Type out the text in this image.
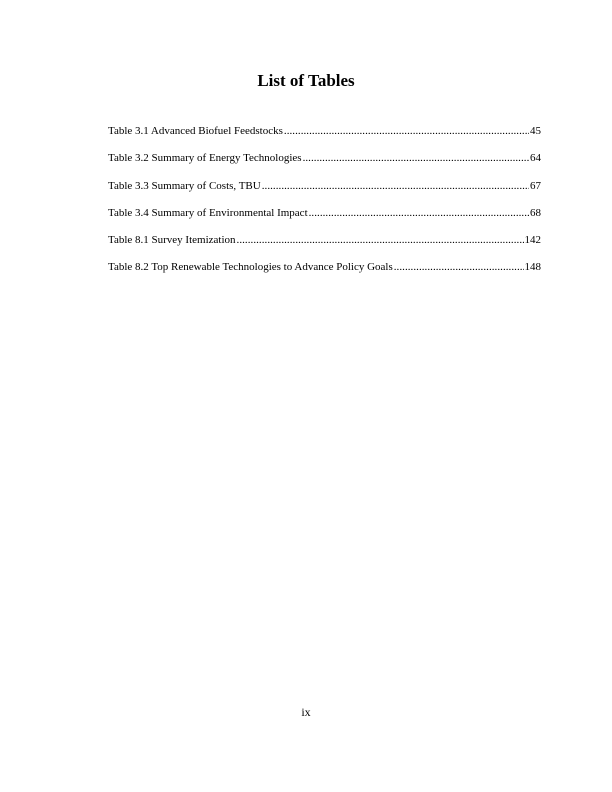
List of Tables
Table 3.1 Advanced Biofuel Feedstocks . . .	45
Table 3.2 Summary of Energy Technologies . . .	64
Table 3.3 Summary of Costs, TBU . . .	67
Table 3.4 Summary of Environmental Impact . . .	68
Table 8.1 Survey Itemization . . .	142
Table 8.2 Top Renewable Technologies to Advance Policy Goals . . .	148
ix
